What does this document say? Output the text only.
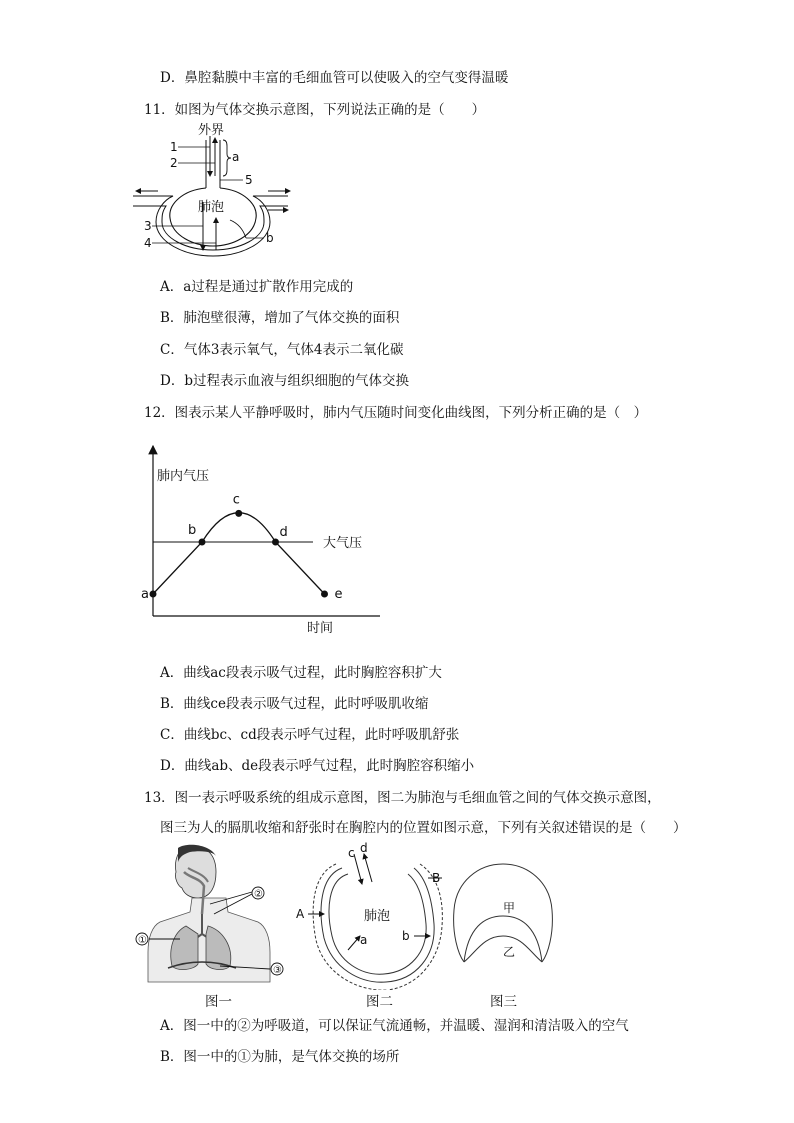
D．鼻腔黏膜中丰富的毛细血管可以使吸入的空气变得温暖
11．如图为气体交换示意图，下列说法正确的是（　　）
外界
1
2	a
5
肺泡
3
4	b
A．a过程是通过扩散作用完成的
B．肺泡壁很薄，增加了气体交换的面积
C．气体3表示氧气，气体4表示二氧化碳
D．b过程表示血液与组织细胞的气体交换
12．图表示某人平静呼吸时，肺内气压随时间变化曲线图，下列分析正确的是（　）
肺内气压
时间
大气压
a
b
c
d
e
A．曲线ac段表示吸气过程，此时胸腔容积扩大
B．曲线ce段表示吸气过程，此时呼吸肌收缩
C．曲线bc、cd段表示呼气过程，此时呼吸肌舒张
D．曲线ab、de段表示呼气过程，此时胸腔容积缩小
13．图一表示呼吸系统的组成示意图，图二为肺泡与毛细血管之间的气体交换示意图，
图三为人的膈肌收缩和舒张时在胸腔内的位置如图示意，下列有关叙述错误的是（　　）
②
①
③
图一
c d
肺泡
A
B
a	b
图二
甲
乙
图三
A．图一中的②为呼吸道，可以保证气流通畅，并温暖、湿润和清洁吸入的空气
B．图一中的①为肺，是气体交换的场所
